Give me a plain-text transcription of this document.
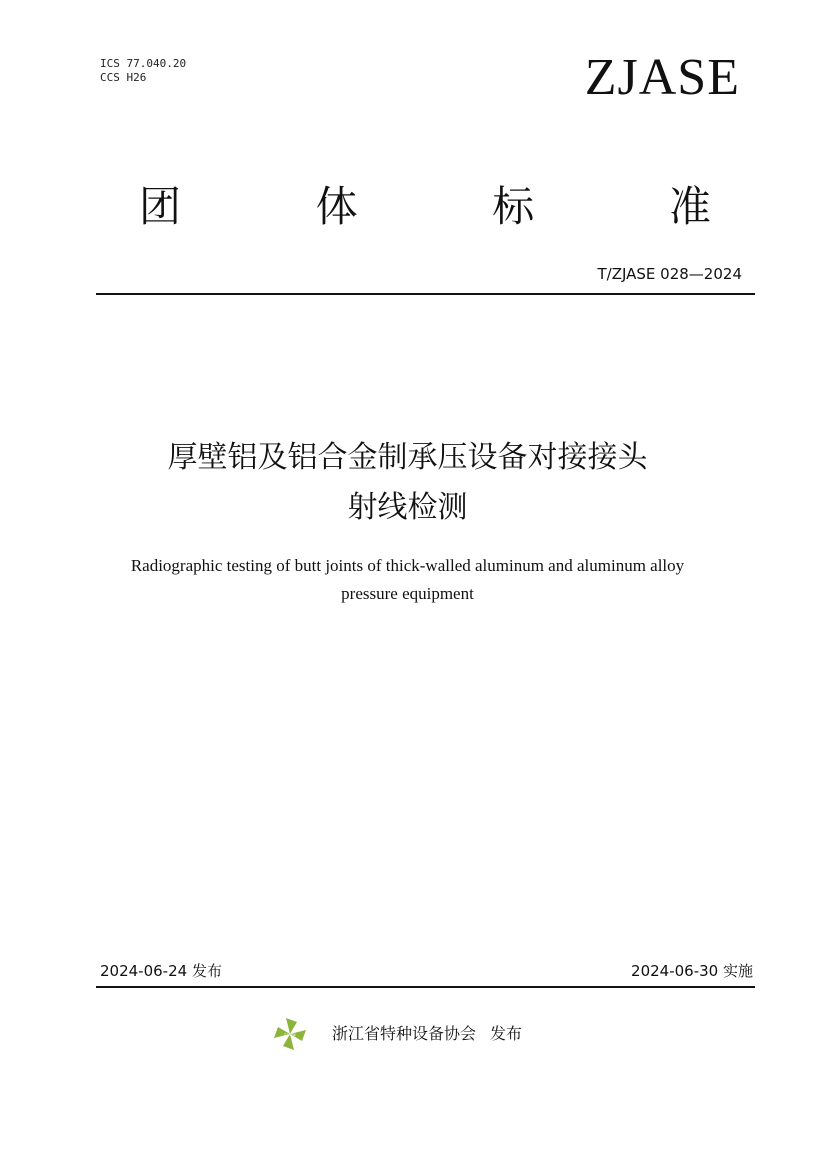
ICS 77.040.20
CCS H26	ZJASE
团	体	标	准
T/ZJASE 028—2024
厚壁铝及铝合金制承压设备对接接头
射线检测
Radiographic testing of butt joints of thick-walled aluminum and aluminum alloy
pressure equipment
2024-06-24 发布	2024-06-30 实施
ZJASE 浙江省特种设备协会 发布
